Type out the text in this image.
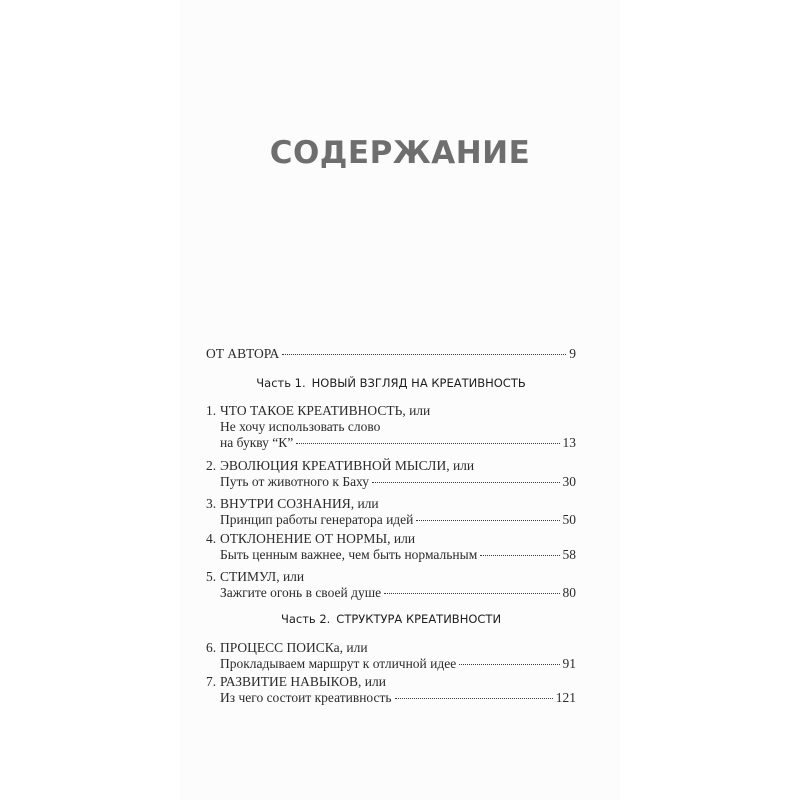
СОДЕРЖАНИЕ
ОТ АВТОРА	9
Часть 1. НОВЫЙ ВЗГЛЯД НА КРЕАТИВНОСТЬ
1. ЧТО ТАКОЕ КРЕАТИВНОСТЬ, или
Не хочу использовать слово
на букву “К”	13
2. ЭВОЛЮЦИЯ КРЕАТИВНОЙ МЫСЛИ, или
Путь от животного к Баху	30
3. ВНУТРИ СОЗНАНИЯ, или
Принцип работы генератора идей	50
4. ОТКЛОНЕНИЕ ОТ НОРМЫ, или
Быть ценным важнее, чем быть нормальным	58
5. СТИМУЛ, или
Зажгите огонь в своей душе	80
Часть 2. СТРУКТУРА КРЕАТИВНОСТИ
6. ПРОЦЕСС ПОИСКа, или
Прокладываем маршрут к отличной идее	91
7. РАЗВИТИЕ НАВЫКОВ, или
Из чего состоит креативность	121
